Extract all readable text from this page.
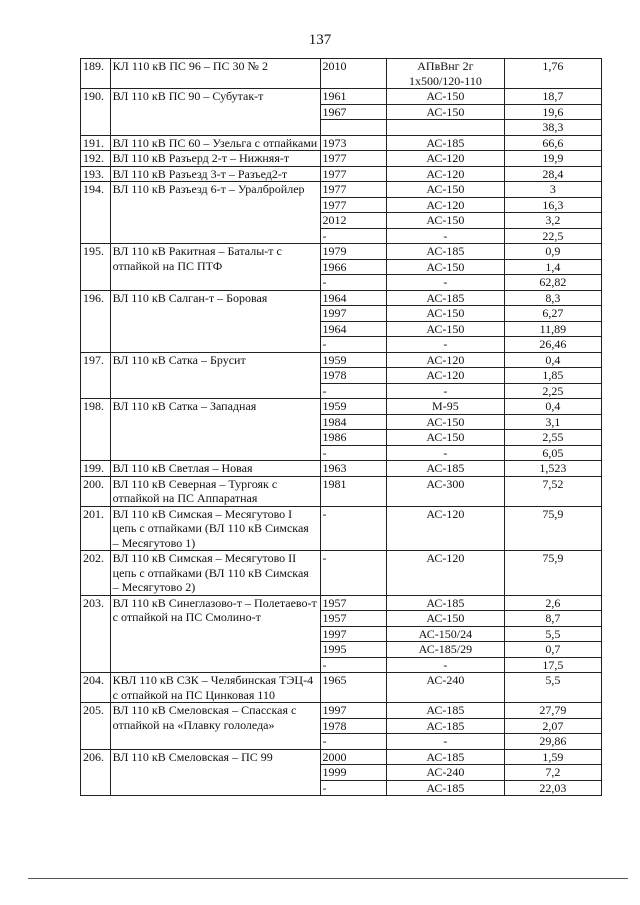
137
189.	КЛ 110 кВ ПС 96 – ПС 30 № 2	2010	АПвВнг 2г 1х500/120-110	1,76
190.	ВЛ 110 кВ ПС 90 – Субутак-т	1961	АС-150	18,7
		1967	АС-150	19,6
				38,3
191.	ВЛ 110 кВ ПС 60 – Узельга с отпайками	1973	АС-185	66,6
192.	ВЛ 110 кВ Разъерд 2-т – Нижняя-т	1977	АС-120	19,9
193.	ВЛ 110 кВ Разъезд 3-т – Разъед2-т	1977	АС-120	28,4
194.	ВЛ 110 кВ Разъезд 6-т – Уралбройлер	1977	АС-150	3
		1977	АС-120	16,3
		2012	АС-150	3,2
		-	-	22,5
195.	ВЛ 110 кВ Ракитная – Баталы-т с отпайкой на ПС ПТФ	1979	АС-185	0,9
		1966	АС-150	1,4
		-	-	62,82
196.	ВЛ 110 кВ Салган-т – Боровая	1964	АС-185	8,3
		1997	АС-150	6,27
		1964	АС-150	11,89
		-	-	26,46
197.	ВЛ 110 кВ Сатка – Брусит	1959	АС-120	0,4
		1978	АС-120	1,85
		-	-	2,25
198.	ВЛ 110 кВ Сатка – Западная	1959	М-95	0,4
		1984	АС-150	3,1
		1986	АС-150	2,55
		-	-	6,05
199.	ВЛ 110 кВ Светлая – Новая	1963	АС-185	1,523
200.	ВЛ 110 кВ Северная – Тургояк с отпайкой на ПС Аппаратная	1981	АС-300	7,52
201.	ВЛ 110 кВ Симская – Месягутово I цепь с отпайками (ВЛ 110 кВ Симская – Месягутово 1)	-	АС-120	75,9
202.	ВЛ 110 кВ Симская – Месягутово II цепь с отпайками (ВЛ 110 кВ Симская – Месягутово 2)	-	АС-120	75,9
203.	ВЛ 110 кВ Синеглазово-т – Полетаево-т с отпайкой на ПС Смолино-т	1957	АС-185	2,6
		1957	АС-150	8,7
		1997	АС-150/24	5,5
		1995	АС-185/29	0,7
		-	-	17,5
204.	КВЛ 110 кВ СЗК – Челябинская ТЭЦ-4 с отпайкой на ПС Цинковая 110	1965	АС-240	5,5
205.	ВЛ 110 кВ Смеловская – Спасская с отпайкой на «Плавку гололеда»	1997	АС-185	27,79
		1978	АС-185	2,07
		-	-	29,86
206.	ВЛ 110 кВ Смеловская – ПС 99	2000	АС-185	1,59
		1999	АС-240	7,2
		-	АС-185	22,03
